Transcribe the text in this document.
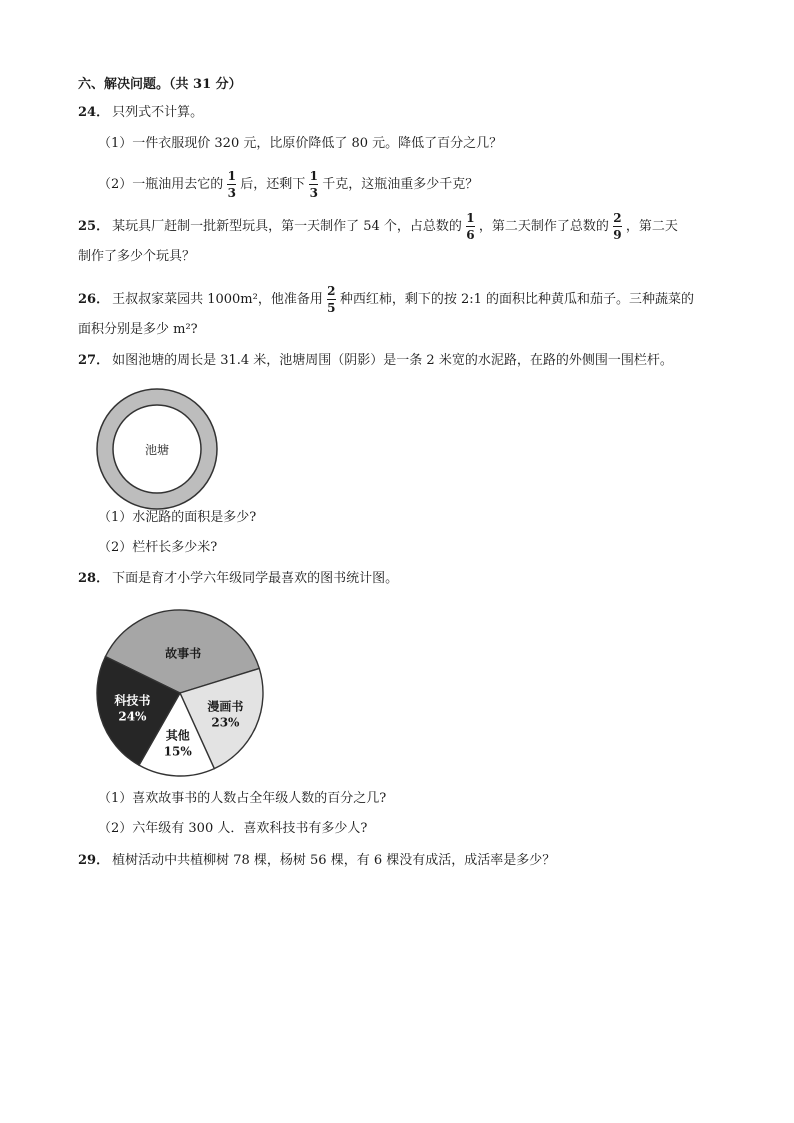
六、解决问题。（共 31 分）
24． 只列式不计算。
（1）一件衣服现价 320 元，比原价降低了 80 元。降低了百分之几？
（2）一瓶油用去它的 $\frac{1}{3}$ 后，还剩下 $\frac{1}{3}$ 千克，这瓶油重多少千克？
25． 某玩具厂赶制一批新型玩具，第一天制作了 54 个，占总数的 $\frac{1}{6}$ ，第二天制作了总数的 $\frac{2}{9}$ ，第二天
制作了多少个玩具？
26． 王叔叔家菜园共 1000m²，他准备用 $\frac{2}{5}$ 种西红柿，剩下的按 2:1 的面积比种黄瓜和茄子。三种蔬菜的
面积分别是多少 m²?
27． 如图池塘的周长是 31.4 米，池塘周围（阴影）是一条 2 米宽的水泥路，在路的外侧围一围栏杆。
池塘
（1）水泥路的面积是多少?
（2）栏杆长多少米?
28． 下面是育才小学六年级同学最喜欢的图书统计图。
故事书
漫画书
23%
其他
15%
科技书
24%
（1）喜欢故事书的人数占全年级人数的百分之几?
（2）六年级有 300 人．喜欢科技书有多少人?
29． 植树活动中共植柳树 78 棵，杨树 56 棵，有 6 棵没有成活，成活率是多少？
